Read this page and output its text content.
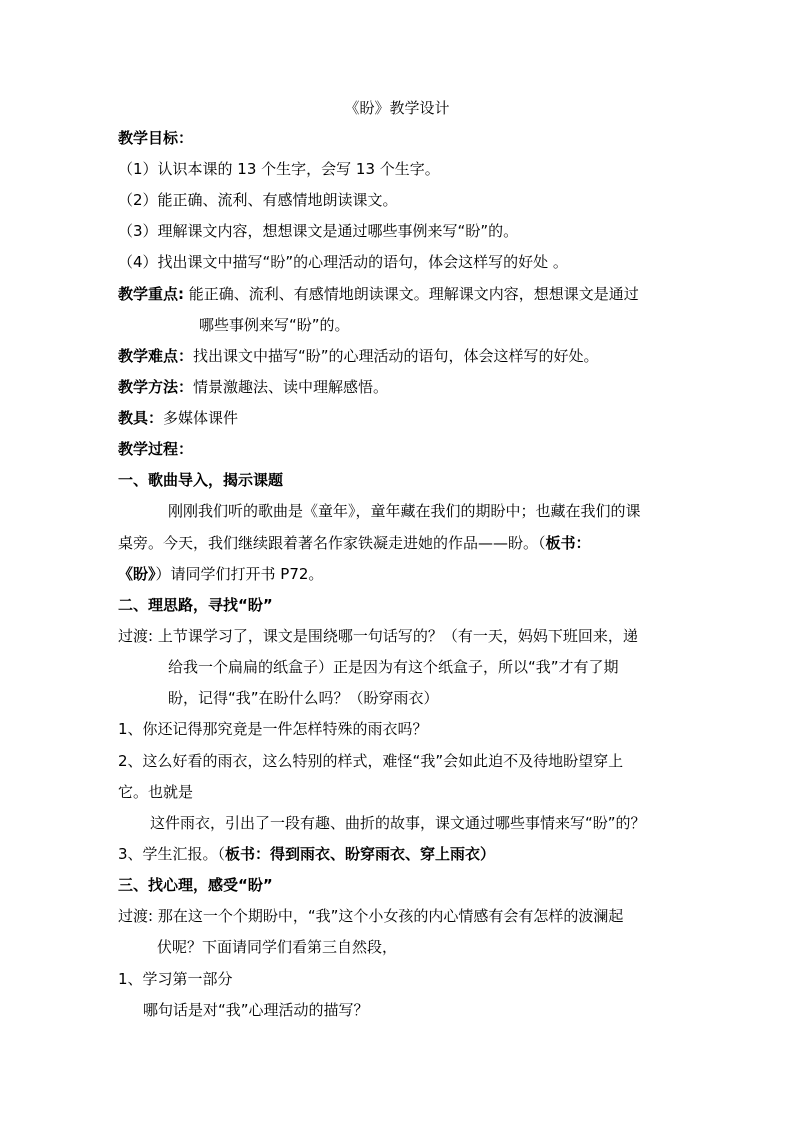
《盼》教学设计
教学目标：
（1）认识本课的 13 个生字，会写 13 个生字。
（2）能正确、流利、有感情地朗读课文。
（3）理解课文内容，想想课文是通过哪些事例来写“盼”的。
（4）找出课文中描写“盼”的心理活动的语句，体会这样写的好处 。
教学重点: 能正确、流利、有感情地朗读课文。理解课文内容，想想课文是通过
哪些事例来写“盼”的。
教学难点：找出课文中描写“盼”的心理活动的语句，体会这样写的好处。
教学方法：情景激趣法、读中理解感悟。
教具：多媒体课件
教学过程：
一、歌曲导入，揭示课题
刚刚我们听的歌曲是《童年》，童年藏在我们的期盼中；也藏在我们的课
桌旁。今天，我们继续跟着著名作家铁凝走进她的作品——盼。（板书：
《盼》）请同学们打开书 P72。
二、理思路，寻找“盼”
过渡: 上节课学习了，课文是围绕哪一句话写的？（有一天，妈妈下班回来，递
给我一个扁扁的纸盒子）正是因为有这个纸盒子，所以“我”才有了期
盼，记得“我”在盼什么吗？（盼穿雨衣）
1、你还记得那究竟是一件怎样特殊的雨衣吗？
2、这么好看的雨衣，这么特别的样式，难怪“我”会如此迫不及待地盼望穿上
它。也就是
这件雨衣，引出了一段有趣、曲折的故事，课文通过哪些事情来写“盼”的？
3、学生汇报。（板书：得到雨衣、盼穿雨衣、穿上雨衣）
三、找心理，感受“盼”
过渡: 那在这一个个期盼中，“我”这个小女孩的内心情感有会有怎样的波澜起
伏呢？下面请同学们看第三自然段，
1、学习第一部分
哪句话是对“我”心理活动的描写？
